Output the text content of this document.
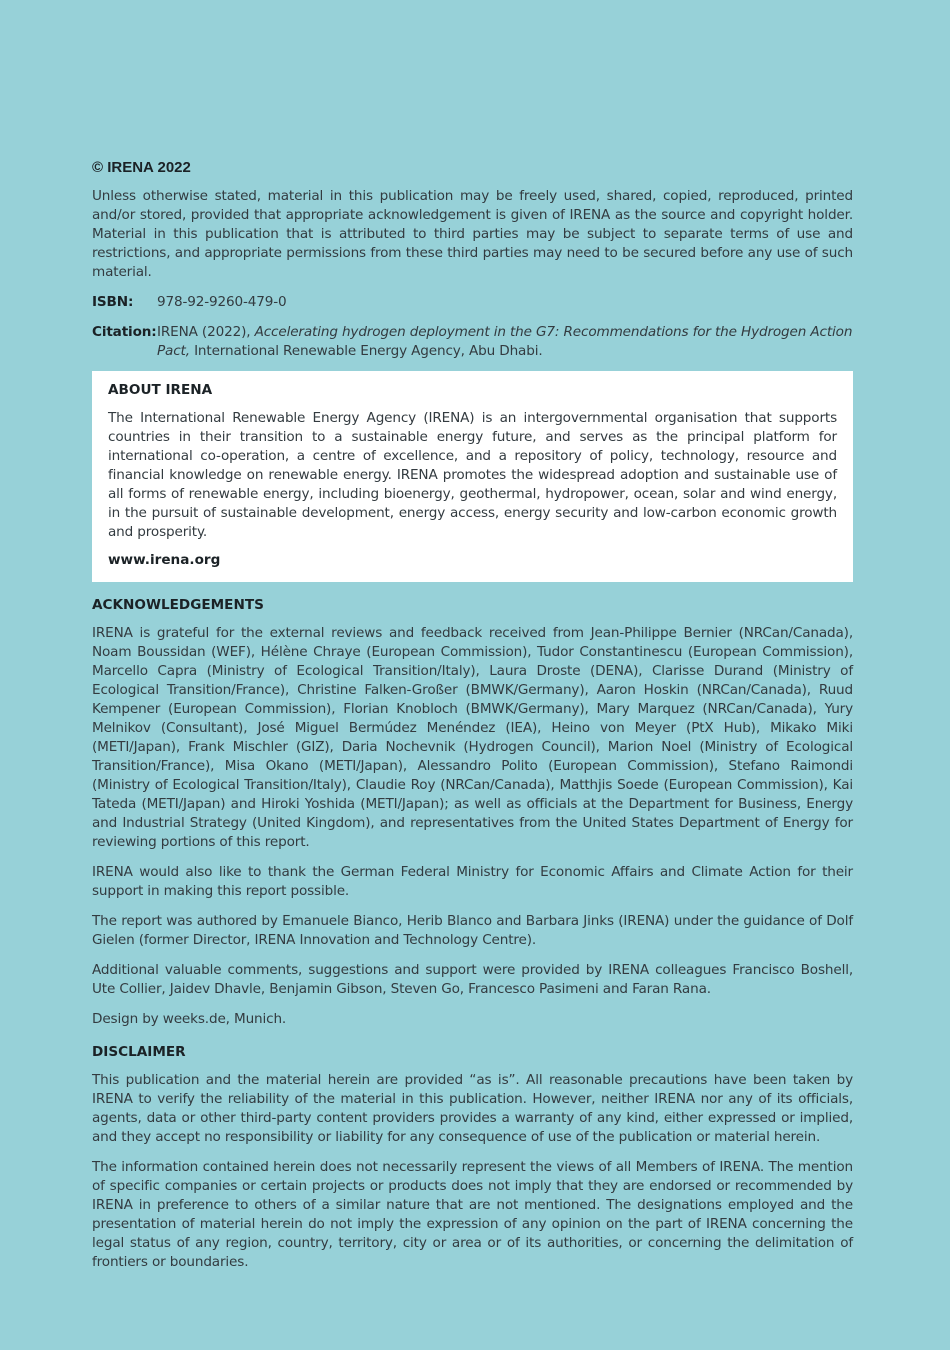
© IRENA 2022

Unless otherwise stated, material in this publication may be freely used, shared, copied, reproduced, printed and/or stored, provided that appropriate acknowledgement is given of IRENA as the source and copyright holder. Material in this publication that is attributed to third parties may be subject to separate terms of use and restrictions, and appropriate permissions from these third parties may need to be secured before any use of such material.

ISBN:	978-92-9260-479-0
Citation: IRENA (2022), Accelerating hydrogen deployment in the G7: Recommendations for the Hydrogen Action Pact, International Renewable Energy Agency, Abu Dhabi.
ABOUT IRENA

The International Renewable Energy Agency (IRENA) is an intergovernmental organisation that supports countries in their transition to a sustainable energy future, and serves as the principal platform for international co-operation, a centre of excellence, and a repository of policy, technology, resource and financial knowledge on renewable energy. IRENA promotes the widespread adoption and sustainable use of all forms of renewable energy, including bioenergy, geothermal, hydropower, ocean, solar and wind energy, in the pursuit of sustainable development, energy access, energy security and low-carbon economic growth and prosperity.

www.irena.org
ACKNOWLEDGEMENTS

IRENA is grateful for the external reviews and feedback received from Jean-Philippe Bernier (NRCan/Canada), Noam Boussidan (WEF), Hélène Chraye (European Commission), Tudor Constantinescu (European Commission), Marcello Capra (Ministry of Ecological Transition/Italy), Laura Droste (DENA), Clarisse Durand (Ministry of Ecological Transition/France), Christine Falken-Großer (BMWK/Germany), Aaron Hoskin (NRCan/Canada), Ruud Kempener (European Commission), Florian Knobloch (BMWK/Germany), Mary Marquez (NRCan/Canada), Yury Melnikov (Consultant), José Miguel Bermúdez Menéndez (IEA), Heino von Meyer (PtX Hub), Mikako Miki (METI/Japan), Frank Mischler (GIZ), Daria Nochevnik (Hydrogen Council), Marion Noel (Ministry of Ecological Transition/France), Misa Okano (METI/Japan), Alessandro Polito (European Commission), Stefano Raimondi (Ministry of Ecological Transition/Italy), Claudie Roy (NRCan/Canada), Matthjis Soede (European Commission), Kai Tateda (METI/Japan) and Hiroki Yoshida (METI/Japan); as well as officials at the Department for Business, Energy and Industrial Strategy (United Kingdom), and representatives from the United States Department of Energy for reviewing portions of this report.

IRENA would also like to thank the German Federal Ministry for Economic Affairs and Climate Action for their support in making this report possible.

The report was authored by Emanuele Bianco, Herib Blanco and Barbara Jinks (IRENA) under the guidance of Dolf Gielen (former Director, IRENA Innovation and Technology Centre).

Additional valuable comments, suggestions and support were provided by IRENA colleagues Francisco Boshell, Ute Collier, Jaidev Dhavle, Benjamin Gibson, Steven Go, Francesco Pasimeni and Faran Rana.

Design by weeks.de, Munich.

DISCLAIMER

This publication and the material herein are provided “as is”. All reasonable precautions have been taken by IRENA to verify the reliability of the material in this publication. However, neither IRENA nor any of its officials, agents, data or other third-party content providers provides a warranty of any kind, either expressed or implied, and they accept no responsibility or liability for any consequence of use of the publication or material herein.

The information contained herein does not necessarily represent the views of all Members of IRENA. The mention of specific companies or certain projects or products does not imply that they are endorsed or recommended by IRENA in preference to others of a similar nature that are not mentioned. The designations employed and the presentation of material herein do not imply the expression of any opinion on the part of IRENA concerning the legal status of any region, country, territory, city or area or of its authorities, or concerning the delimitation of frontiers or boundaries.
